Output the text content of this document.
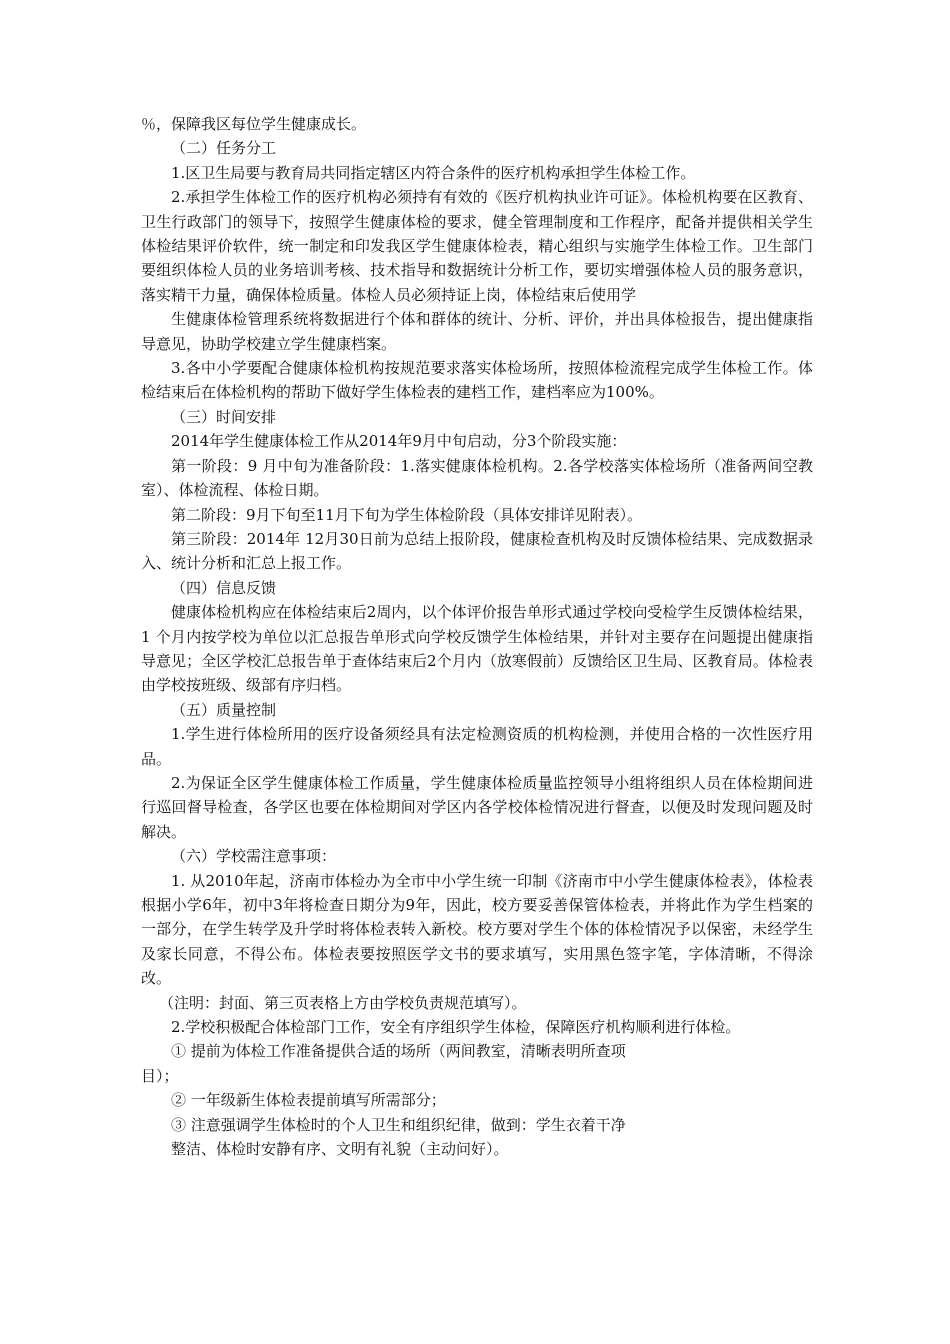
％，保障我区每位学生健康成长。

（二）任务分工

1.区卫生局要与教育局共同指定辖区内符合条件的医疗机构承担学生体检工作。

2.承担学生体检工作的医疗机构必须持有有效的《医疗机构执业许可证》。体检机构要在区教育、卫生行政部门的领导下，按照学生健康体检的要求，健全管理制度和工作程序，配备并提供相关学生体检结果评价软件，统一制定和印发我区学生健康体检表，精心组织与实施学生体检工作。卫生部门要组织体检人员的业务培训考核、技术指导和数据统计分析工作，要切实增强体检人员的服务意识，落实精干力量，确保体检质量。体检人员必须持证上岗，体检结束后使用学

生健康体检管理系统将数据进行个体和群体的统计、分析、评价，并出具体检报告，提出健康指导意见，协助学校建立学生健康档案。

3.各中小学要配合健康体检机构按规范要求落实体检场所，按照体检流程完成学生体检工作。体检结束后在体检机构的帮助下做好学生体检表的建档工作，建档率应为100%。

（三）时间安排

2014年学生健康体检工作从2014年9月中旬启动，分3个阶段实施：

第一阶段：9 月中旬为准备阶段：1.落实健康体检机构。2.各学校落实体检场所（准备两间空教室）、体检流程、体检日期。

第二阶段：9月下旬至11月下旬为学生体检阶段（具体安排详见附表）。

第三阶段：2014年 12月30日前为总结上报阶段，健康检查机构及时反馈体检结果、完成数据录入、统计分析和汇总上报工作。

（四）信息反馈

健康体检机构应在体检结束后2周内，以个体评价报告单形式通过学校向受检学生反馈体检结果，1 个月内按学校为单位以汇总报告单形式向学校反馈学生体检结果，并针对主要存在问题提出健康指导意见；全区学校汇总报告单于查体结束后2个月内（放寒假前）反馈给区卫生局、区教育局。体检表由学校按班级、级部有序归档。

（五）质量控制

1.学生进行体检所用的医疗设备须经具有法定检测资质的机构检测，并使用合格的一次性医疗用品。

2.为保证全区学生健康体检工作质量，学生健康体检质量监控领导小组将组织人员在体检期间进行巡回督导检查，各学区也要在体检期间对学区内各学校体检情况进行督查，以便及时发现问题及时解决。

（六）学校需注意事项：

1. 从2010年起，济南市体检办为全市中小学生统一印制《济南市中小学生健康体检表》，体检表根据小学6年，初中3年将检查日期分为9年，因此，校方要妥善保管体检表，并将此作为学生档案的一部分，在学生转学及升学时将体检表转入新校。校方要对学生个体的体检情况予以保密，未经学生及家长同意，不得公布。体检表要按照医学文书的要求填写，实用黑色签字笔，字体清晰，不得涂改。

（注明：封面、第三页表格上方由学校负责规范填写）。

2.学校积极配合体检部门工作，安全有序组织学生体检，保障医疗机构顺利进行体检。

① 提前为体检工作准备提供合适的场所（两间教室，清晰表明所查项

目）；

② 一年级新生体检表提前填写所需部分；

③ 注意强调学生体检时的个人卫生和组织纪律，做到：学生衣着干净

整洁、体检时安静有序、文明有礼貌（主动问好）。
